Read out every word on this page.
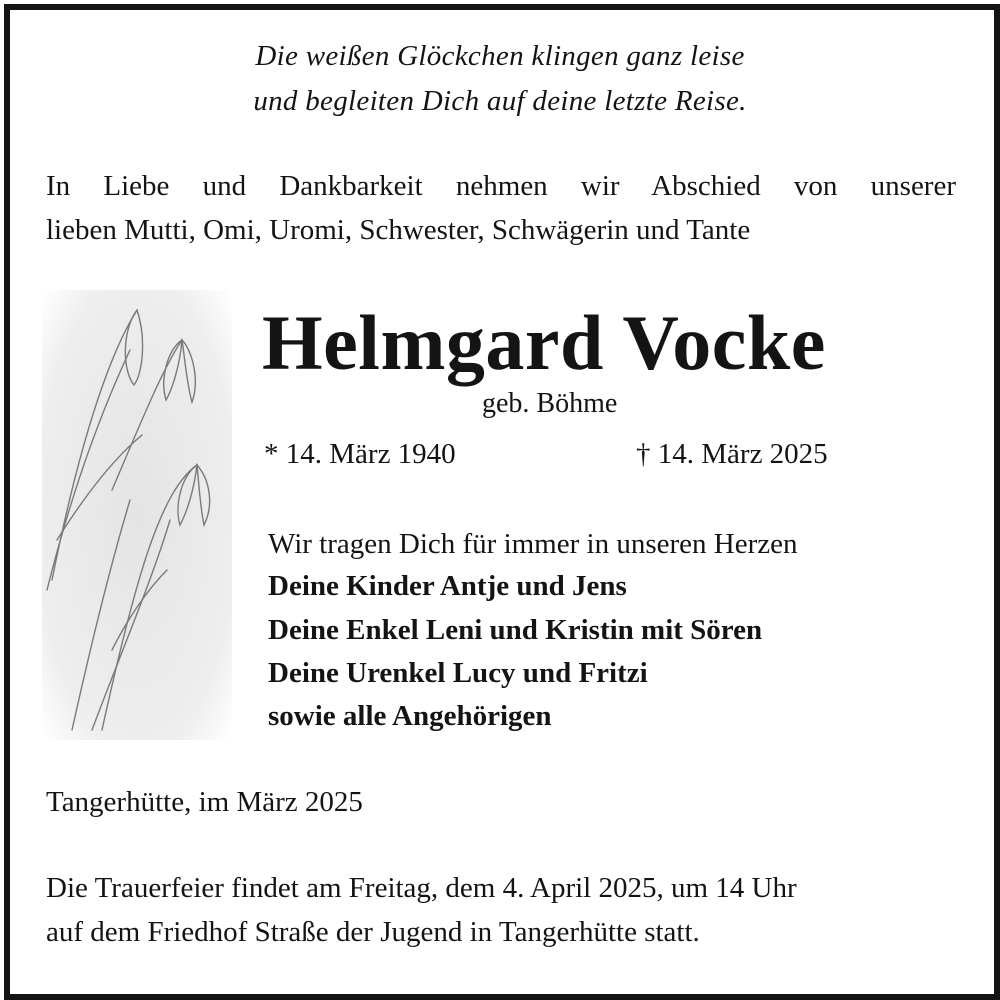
Die weißen Glöckchen klingen ganz leise
und begleiten Dich auf deine letzte Reise.
In Liebe und Dankbarkeit nehmen wir Abschied von unserer
lieben Mutti, Omi, Uromi, Schwester, Schwägerin und Tante
Helmgard Vocke
geb. Böhme
* 14. März 1940	† 14. März 2025
Wir tragen Dich für immer in unseren Herzen
Deine Kinder Antje und Jens
Deine Enkel Leni und Kristin mit Sören
Deine Urenkel Lucy und Fritzi
sowie alle Angehörigen
Tangerhütte, im März 2025
Die Trauerfeier findet am Freitag, dem 4. April 2025, um 14 Uhr
auf dem Friedhof Straße der Jugend in Tangerhütte statt.
